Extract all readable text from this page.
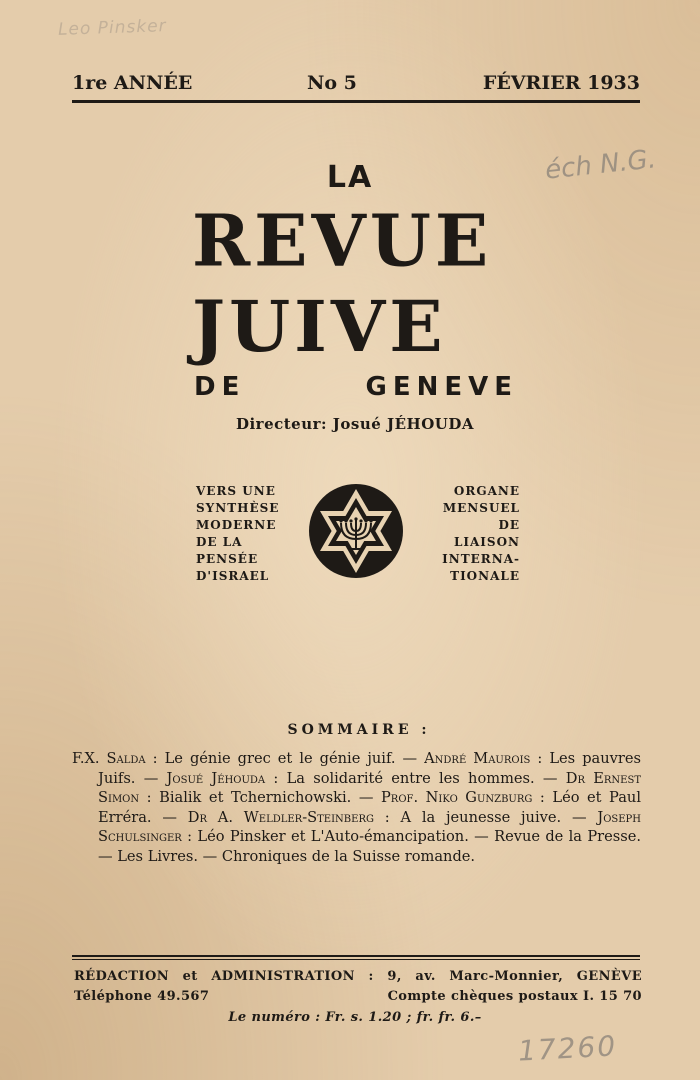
Leo Pinsker
éch N.G.
17260
1re ANNÉE	No 5	FÉVRIER 1933
LA
REVUE
JUIVE
DE GENEVE
Directeur: Josué JÉHOUDA
VERS UNE
SYNTHÈSE
MODERNE
DE LA
PENSÉE
D'ISRAEL
ORGANE
MENSUEL
DE
LIAISON
INTERNA-
TIONALE
SOMMAIRE :
F.X. Salda : Le génie grec et le génie juif. — André Maurois : Les pauvres Juifs. — Josué Jéhouda : La solidarité entre les hommes. — Dr Ernest Simon : Bialik et Tchernichowski. — Prof. Niko Gunzburg : Léo et Paul Erréra. — Dr A. Weldler-Steinberg : A la jeunesse juive. — Joseph Schulsinger : Léo Pinsker et L'Auto-émancipation. — Revue de la Presse. — Les Livres. — Chroniques de la Suisse romande.
RÉDACTION et ADMINISTRATION : 9, av. Marc-Monnier, GENÈVE
Téléphone 49.567	Compte chèques postaux I. 15 70
Le numéro : Fr. s. 1.20 ; fr. fr. 6.–
